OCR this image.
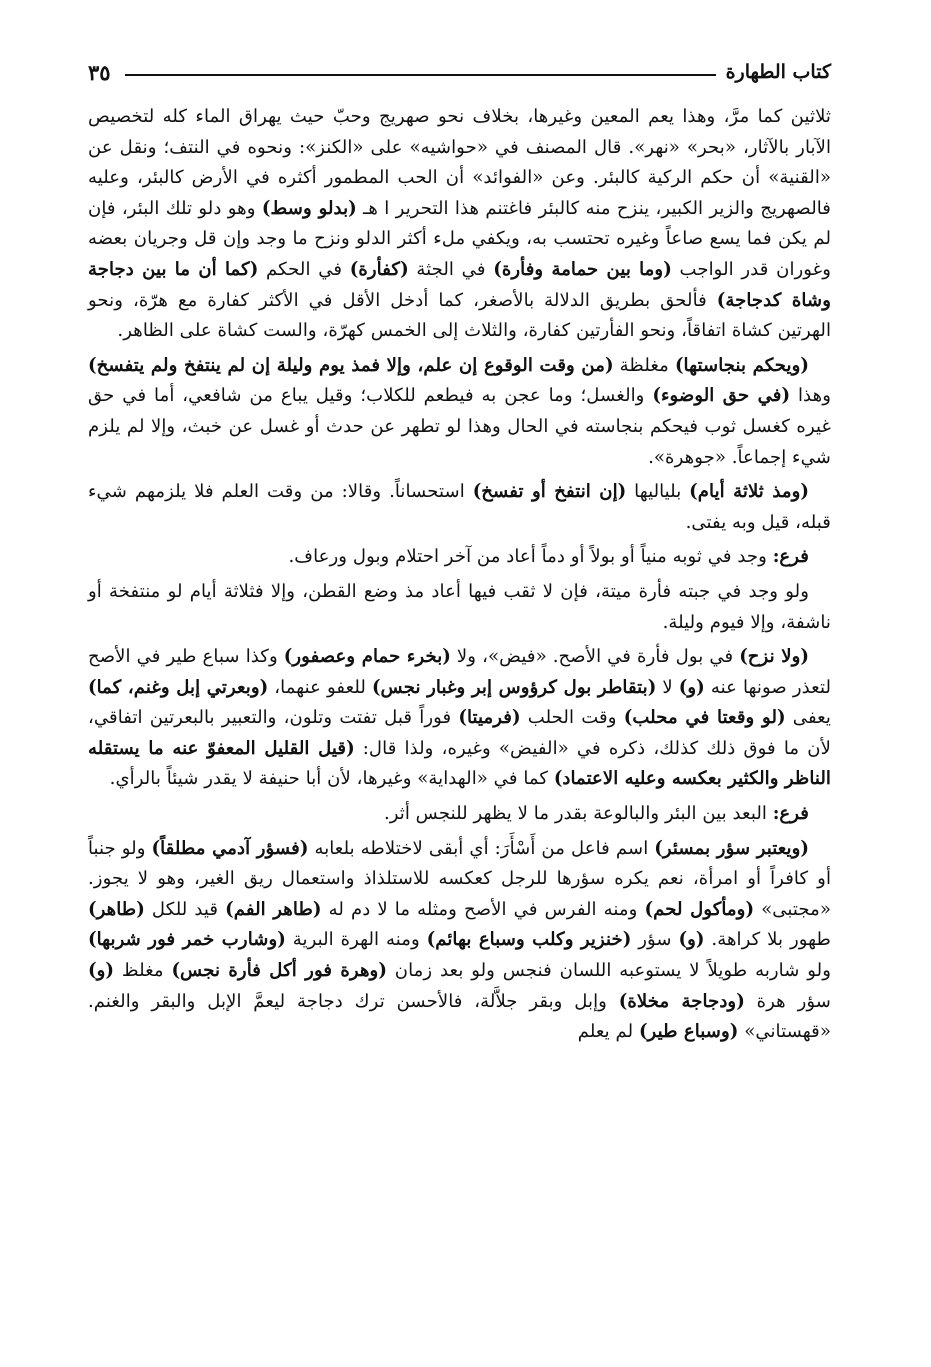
كتاب الطهارة
٣٥

ثلاثين كما مرَّ، وهذا يعم المعين وغيرها، بخلاف نحو صهريج وحبّ حيث يهراق الماء كله لتخصيص الآبار بالآثار، «بحر» «نهر». قال المصنف في «حواشيه» على «الكنز»: ونحوه في النتف؛ ونقل عن «القنية» أن حكم الركية كالبئر. وعن «الفوائد» أن الحب المطمور أكثره في الأرض كالبئر، وعليه فالصهريج والزير الكبير، ينزح منه كالبئر فاغتنم هذا التحرير ا هـ (بدلو وسط) وهو دلو تلك البئر، فإن لم يكن فما يسع صاعاً وغيره تحتسب به، ويكفي ملء أكثر الدلو ونزح ما وجد وإن قل وجريان بعضه وغوران قدر الواجب (وما بين حمامة وفأرة) في الجثة (كفأرة) في الحكم (كما أن ما بين دجاجة وشاة كدجاجة) فألحق بطريق الدلالة بالأصغر، كما أدخل الأقل في الأكثر كفارة مع هرّة، ونحو الهرتين كشاة اتفاقاً، ونحو الفأرتين كفارة، والثلاث إلى الخمس كهرّة، والست كشاة على الظاهر.

(ويحكم بنجاستها) مغلظة (من وقت الوقوع إن علم، وإلا فمذ يوم وليلة إن لم ينتفخ ولم يتفسخ) وهذا (في حق الوضوء) والغسل؛ وما عجن به فيطعم للكلاب؛ وقيل يباع من شافعي، أما في حق غيره كغسل ثوب فيحكم بنجاسته في الحال وهذا لو تطهر عن حدث أو غسل عن خبث، وإلا لم يلزم شيء إجماعاً. «جوهرة».

(ومذ ثلاثة أيام) بلياليها (إن انتفخ أو تفسخ) استحساناً. وقالا: من وقت العلم فلا يلزمهم شيء قبله، قيل وبه يفتى.

فرع: وجد في ثوبه منياً أو بولاً أو دماً أعاد من آخر احتلام وبول ورعاف.

ولو وجد في جبته فأرة ميتة، فإن لا ثقب فيها أعاد مذ وضع القطن، وإلا فثلاثة أيام لو منتفخة أو ناشفة، وإلا فيوم وليلة.

(ولا نزح) في بول فأرة في الأصح. «فيض»، ولا (بخرء حمام وعصفور) وكذا سباع طير في الأصح لتعذر صونها عنه (و) لا (بتقاطر بول كرؤوس إبر وغبار نجس) للعفو عنهما، (وبعرتي إبل وغنم، كما) يعفى (لو وقعتا في محلب) وقت الحلب (فرميتا) فوراً قبل تفتت وتلون، والتعبير بالبعرتين اتفاقي، لأن ما فوق ذلك كذلك، ذكره في «الفيض» وغيره، ولذا قال: (قيل القليل المعفوّ عنه ما يستقله الناظر والكثير بعكسه وعليه الاعتماد) كما في «الهداية» وغيرها، لأن أبا حنيفة لا يقدر شيئاً بالرأي.

فرع: البعد بين البئر والبالوعة بقدر ما لا يظهر للنجس أثر.

(ويعتبر سؤر بمسئر) اسم فاعل من أَسْأَرَ: أي أبقى لاختلاطه بلعابه (فسؤر آدمي مطلقاً) ولو جنباً أو كافراً أو امرأة، نعم يكره سؤرها للرجل كعكسه للاستلذاذ واستعمال ريق الغير، وهو لا يجوز. «مجتبى» (ومأكول لحم) ومنه الفرس في الأصح ومثله ما لا دم له (طاهر الفم) قيد للكل (طاهر) طهور بلا كراهة. (و) سؤر (خنزير وكلب وسباع بهائم) ومنه الهرة البرية (وشارب خمر فور شربها) ولو شاربه طويلاً لا يستوعبه اللسان فنجس ولو بعد زمان (وهرة فور أكل فأرة نجس) مغلظ (و) سؤر هرة (ودجاجة مخلاة) وإبل وبقر جلاَّلة، فالأحسن ترك دجاجة ليعمَّ الإبل والبقر والغنم. «قهستاني» (وسباع طير) لم يعلم
